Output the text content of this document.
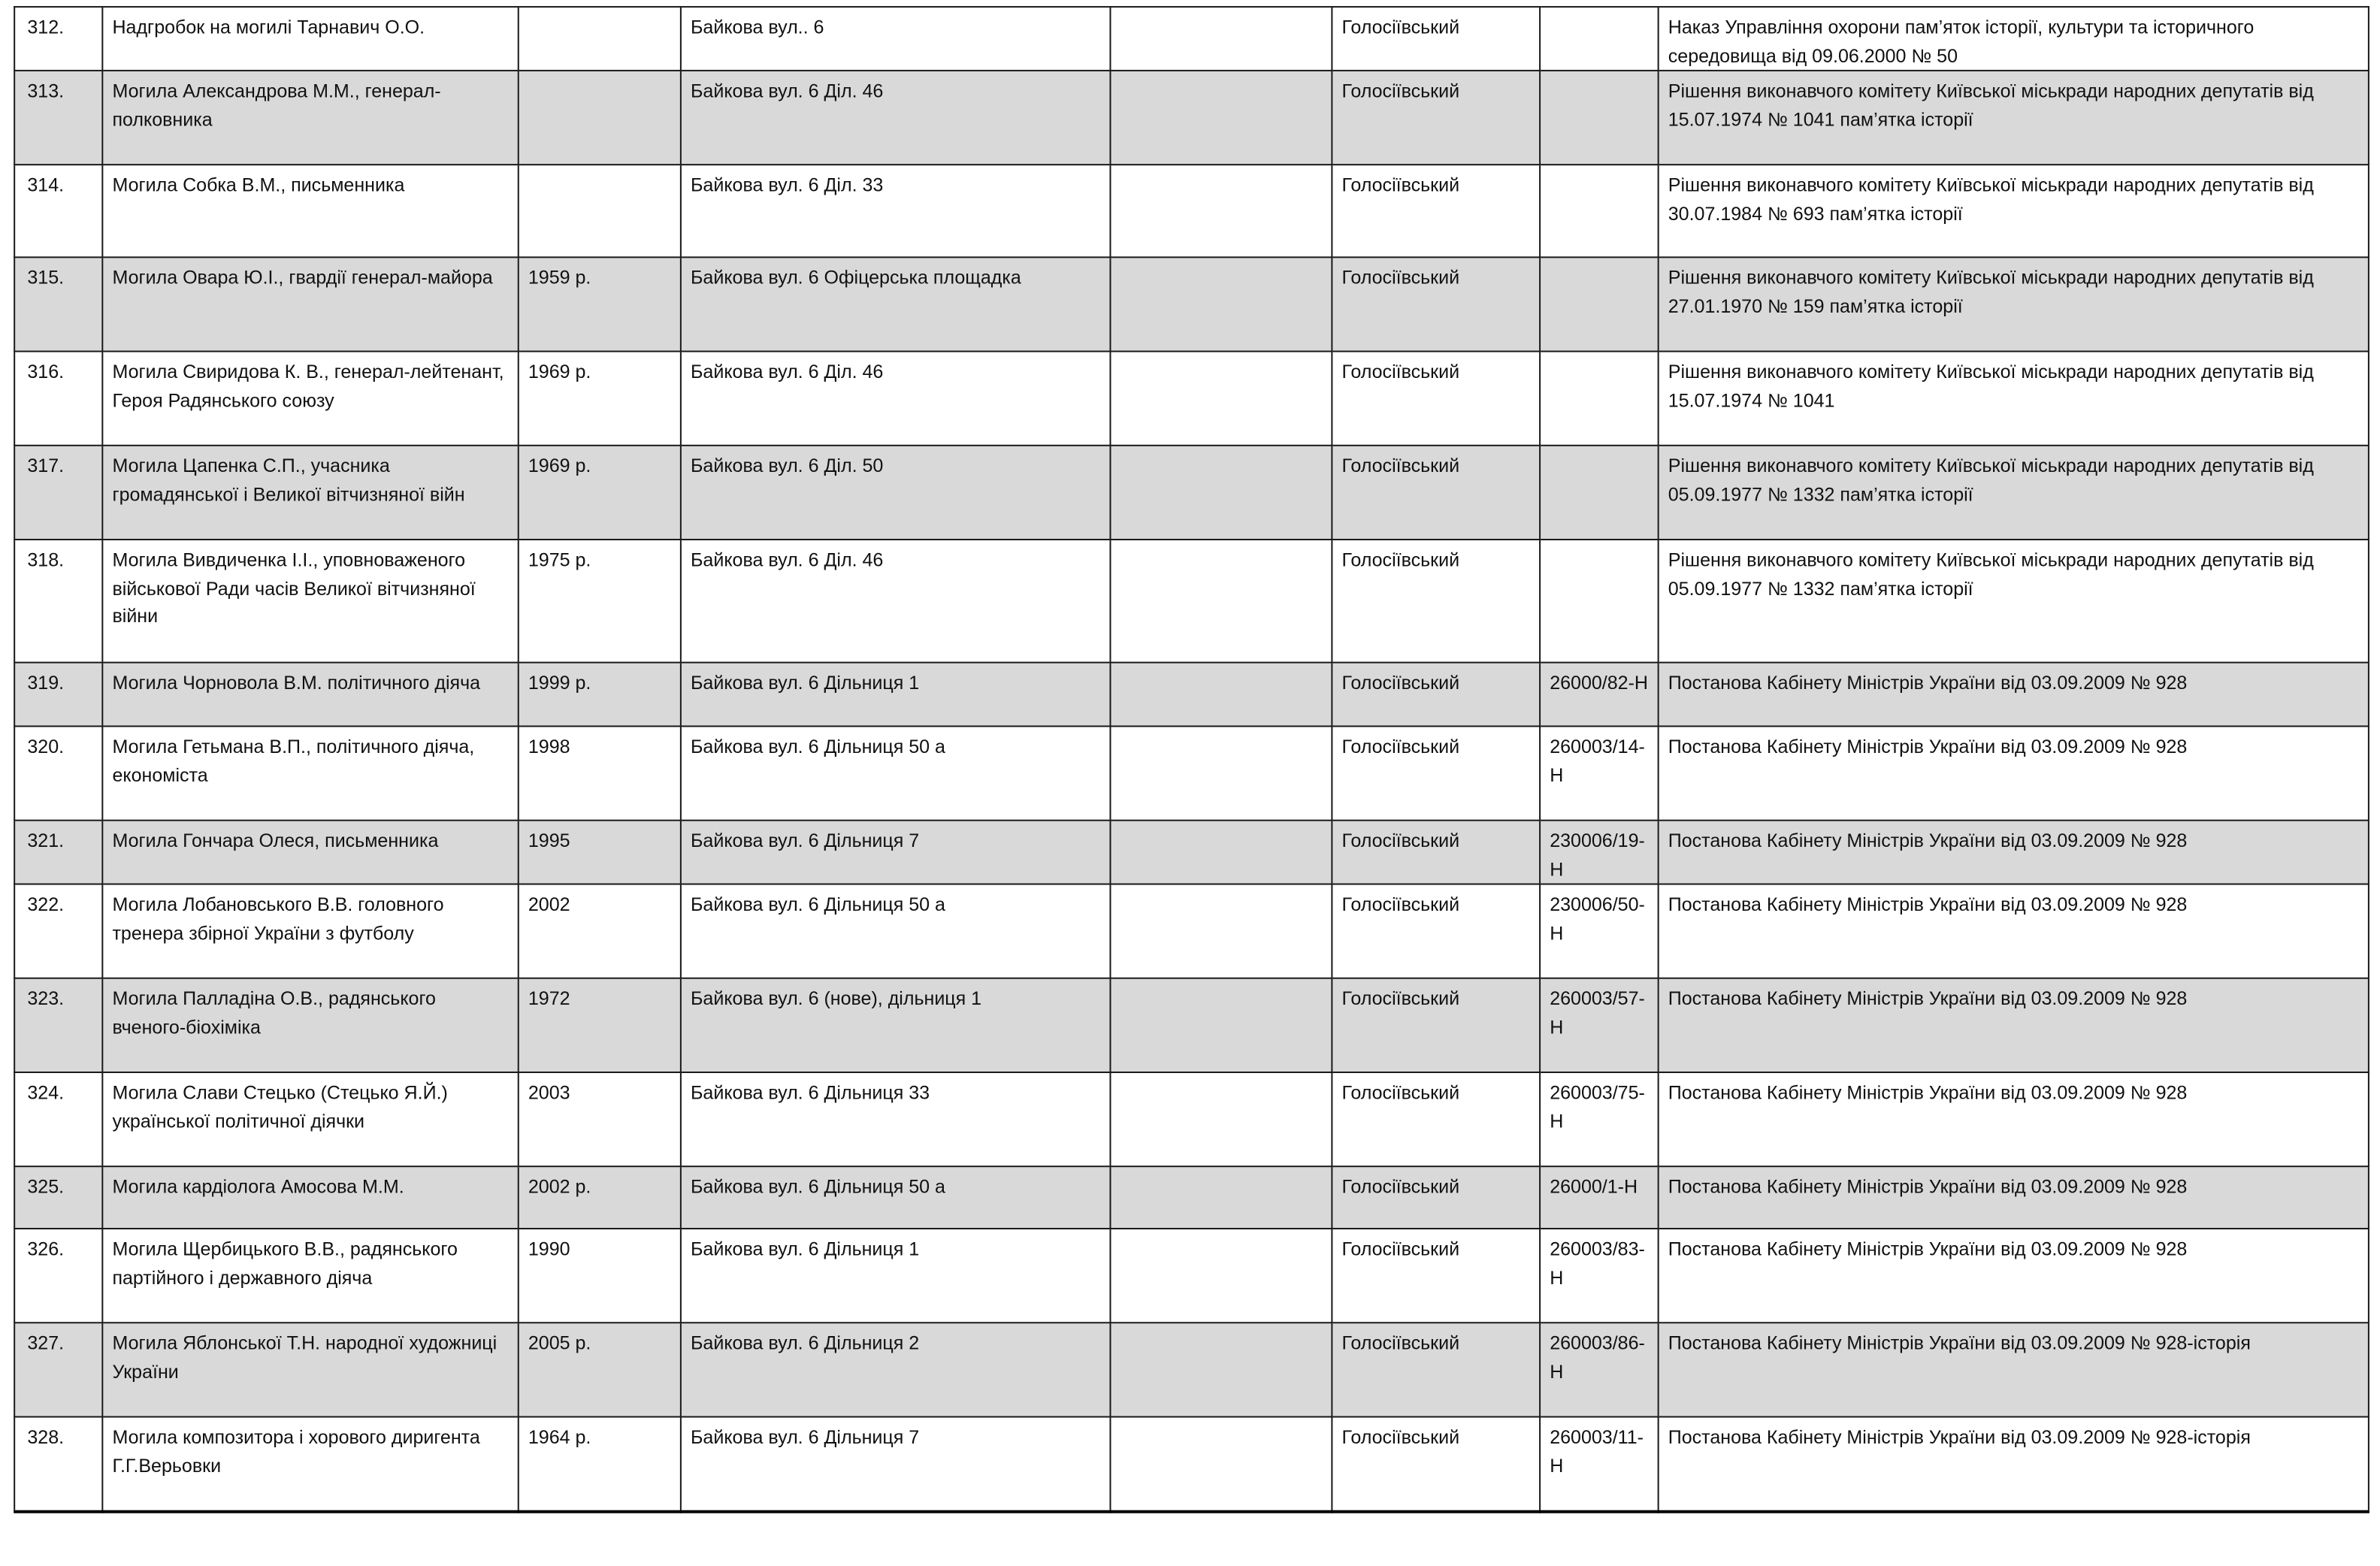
312.	Надгробок на могилі Тарнавич О.О.		Байкова вул.. 6		Голосіївський		Наказ Управління охорони пам’яток історії, культури та історичного середовища від 09.06.2000 № 50
313.	Могила Александрова М.М., генерал-полковника		Байкова вул. 6 Діл. 46		Голосіївський		Рішення виконавчого комітету Київської міськради народних депутатів від 15.07.1974 № 1041 пам’ятка історії
314.	Могила Собка В.М., письменника		Байкова вул. 6 Діл. 33		Голосіївський		Рішення виконавчого комітету Київської міськради народних депутатів від 30.07.1984 № 693 пам’ятка історії
315.	Могила Овара Ю.І., гвардії генерал-майора	1959 р.	Байкова вул. 6 Офіцерська площадка		Голосіївський		Рішення виконавчого комітету Київської міськради народних депутатів від 27.01.1970 № 159 пам’ятка історії
316.	Могила Свиридова К. В., генерал-лейтенант, Героя Радянського союзу	1969 р.	Байкова вул. 6 Діл. 46		Голосіївський		Рішення виконавчого комітету Київської міськради народних депутатів від 15.07.1974 № 1041
317.	Могила Цапенка С.П., учасника громадянської і Великої вітчизняної війн	1969 р.	Байкова вул. 6 Діл. 50		Голосіївський		Рішення виконавчого комітету Київської міськради народних депутатів від 05.09.1977 № 1332 пам’ятка історії
318.	Могила Вивдиченка І.І., уповноваженого військової Ради часів Великої вітчизняної війни	1975 р.	Байкова вул. 6 Діл. 46		Голосіївський		Рішення виконавчого комітету Київської міськради народних депутатів від 05.09.1977 № 1332 пам’ятка історії
319.	Могила Чорновола В.М. політичного діяча	1999 р.	Байкова вул. 6 Дільниця 1		Голосіївський	26000/82-Н	Постанова Кабінету Міністрів України від 03.09.2009 № 928
320.	Могила Гетьмана В.П., політичного діяча, економіста	1998	Байкова вул. 6 Дільниця 50 а		Голосіївський	260003/14- Н	Постанова Кабінету Міністрів України від 03.09.2009 № 928
321.	Могила Гончара Олеся, письменника	1995	Байкова вул. 6 Дільниця 7		Голосіївський	230006/19- Н	Постанова Кабінету Міністрів України від 03.09.2009 № 928
322.	Могила Лобановського В.В. головного тренера збірної України з футболу	2002	Байкова вул. 6 Дільниця 50 а		Голосіївський	230006/50- Н	Постанова Кабінету Міністрів України від 03.09.2009 № 928
323.	Могила Палладіна О.В., радянського вченого-біохіміка	1972	Байкова вул. 6 (нове), дільниця 1		Голосіївський	260003/57- Н	Постанова Кабінету Міністрів України від 03.09.2009 № 928
324.	Могила Слави Стецько (Стецько Я.Й.) української політичної діячки	2003	Байкова вул. 6 Дільниця 33		Голосіївський	260003/75- Н	Постанова Кабінету Міністрів України від 03.09.2009 № 928
325.	Могила кардіолога Амосова М.М.	2002 р.	Байкова вул. 6 Дільниця 50 а		Голосіївський	26000/1-Н	Постанова Кабінету Міністрів України від 03.09.2009 № 928
326.	Могила Щербицького В.В., радянського партійного і державного діяча	1990	Байкова вул. 6 Дільниця 1		Голосіївський	260003/83- Н	Постанова Кабінету Міністрів України від 03.09.2009 № 928
327.	Могила Яблонської Т.Н. народної художниці України	2005 р.	Байкова вул. 6 Дільниця 2		Голосіївський	260003/86- Н	Постанова Кабінету Міністрів України від 03.09.2009 № 928-історія
328.	Могила композитора і хорового диригента Г.Г.Верьовки	1964 р.	Байкова вул. 6 Дільниця 7		Голосіївський	260003/11- Н	Постанова Кабінету Міністрів України від 03.09.2009 № 928-історія
